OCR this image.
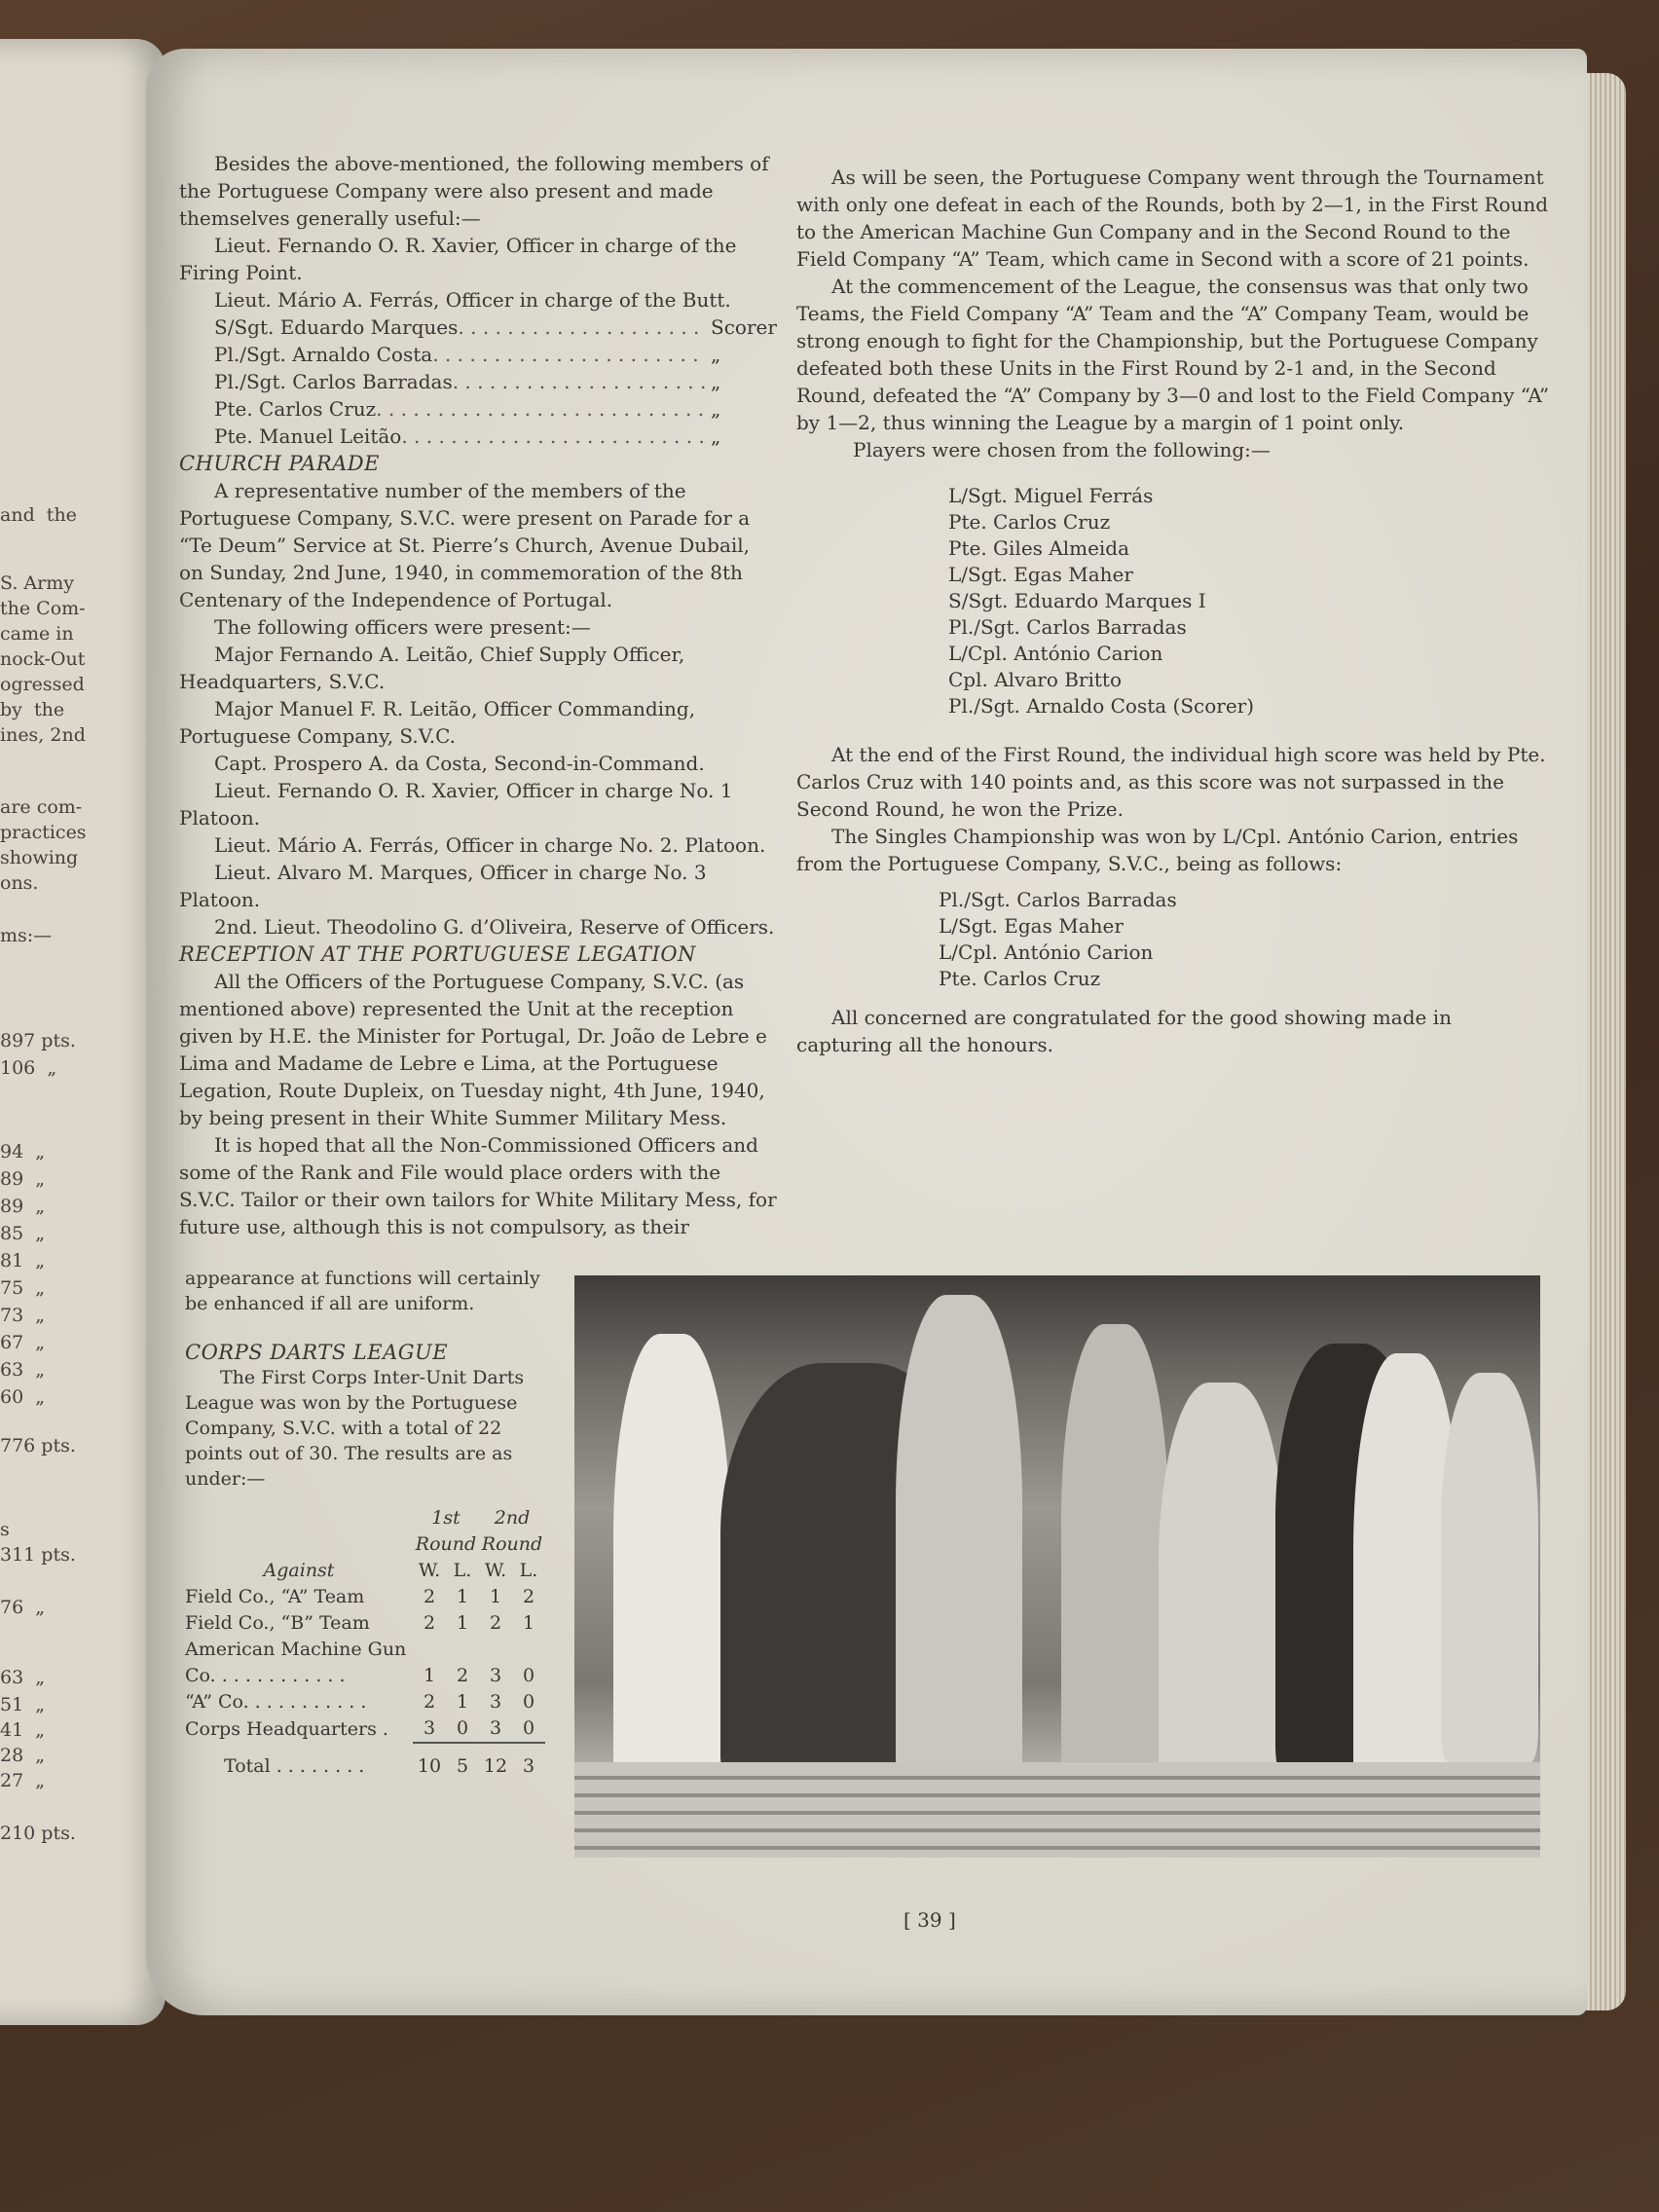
and  the
S. Army
the Com-
came in
nock-Out
ogressed
by  the
ines, 2nd
are com-
practices
showing
ons.
ms:—
897 pts.
106  „
94  „
89  „
89  „
85  „
81  „
75  „
73  „
67  „
63  „
60  „
776 pts.
s
311 pts.
76  „
63  „
51  „
41  „
28  „
27  „
210 pts.

Besides the above-mentioned, the following members of the Portuguese Company were also present and made themselves generally useful:—

Lieut. Fernando O. R. Xavier, Officer in charge of the Firing Point.

Lieut. Mário A. Ferrás, Officer in charge of the Butt.

S/Sgt. Eduardo Marques . . .	Scorer
Pl./Sgt. Arnaldo Costa . . .	„
Pl./Sgt. Carlos Barradas . . .	„
Pte. Carlos Cruz . . .	„
Pte. Manuel Leitão . . .	„

CHURCH PARADE

A representative number of the members of the Portuguese Company, S.V.C. were present on Parade for a “Te Deum” Service at St. Pierre’s Church, Avenue Dubail, on Sunday, 2nd June, 1940, in commemoration of the 8th Centenary of the Independence of Portugal.

The following officers were present:—

Major Fernando A. Leitão, Chief Supply Officer, Headquarters, S.V.C.

Major Manuel F. R. Leitão, Officer Commanding, Portuguese Company, S.V.C.

Capt. Prospero A. da Costa, Second-in-Command.

Lieut. Fernando O. R. Xavier, Officer in charge No. 1 Platoon.

Lieut. Mário A. Ferrás, Officer in charge No. 2. Platoon.

Lieut. Alvaro M. Marques, Officer in charge No. 3 Platoon.

2nd. Lieut. Theodolino G. d’Oliveira, Reserve of Officers.

RECEPTION AT THE PORTUGUESE LEGATION

All the Officers of the Portuguese Company, S.V.C. (as mentioned above) represented the Unit at the reception given by H.E. the Minister for Portugal, Dr. João de Lebre e Lima and Madame de Lebre e Lima, at the Portuguese Legation, Route Dupleix, on Tuesday night, 4th June, 1940, by being present in their White Summer Military Mess.

It is hoped that all the Non-Commissioned Officers and some of the Rank and File would place orders with the S.V.C. Tailor or their own tailors for White Military Mess, for future use, although this is not compulsory, as their

appearance at functions will certainly be enhanced if all are uniform.

CORPS DARTS LEAGUE

The First Corps Inter-Unit Darts League was won by the Portuguese Company, S.V.C. with a total of 22 points out of 30. The results are as under:—

	1st		2nd	
	Round		Round	
Against	W.	L.	W.	L.
Field Co., “A” Team	2	1	1	2
Field Co., “B” Team	2	1	2	1
American Machine Gun				
Co. . . . . . . . . . . .	1	2	3	0
“A” Co. . . . . . . . . . .	2	1	3	0
Corps Headquarters .	3	0	3	0
Total . . . . . . . .	10	5	12	3

As will be seen, the Portuguese Company went through the Tournament with only one defeat in each of the Rounds, both by 2—1, in the First Round to the American Machine Gun Company and in the Second Round to the Field Company “A” Team, which came in Second with a score of 21 points.

At the commencement of the League, the consensus was that only two Teams, the Field Company “A” Team and the “A” Company Team, would be strong enough to fight for the Championship, but the Portuguese Company defeated both these Units in the First Round by 2-1 and, in the Second Round, defeated the “A” Company by 3—0 and lost to the Field Company “A” by 1—2, thus winning the League by a margin of 1 point only.

Players were chosen from the following:—

L/Sgt. Miguel Ferrás
Pte. Carlos Cruz
Pte. Giles Almeida
L/Sgt. Egas Maher
S/Sgt. Eduardo Marques I
Pl./Sgt. Carlos Barradas
L/Cpl. António Carion
Cpl. Alvaro Britto
Pl./Sgt. Arnaldo Costa (Scorer)

At the end of the First Round, the individual high score was held by Pte. Carlos Cruz with 140 points and, as this score was not surpassed in the Second Round, he won the Prize.

The Singles Championship was won by L/Cpl. António Carion, entries from the Portuguese Company, S.V.C., being as follows:

Pl./Sgt. Carlos Barradas
L/Sgt. Egas Maher
L/Cpl. António Carion
Pte. Carlos Cruz

All concerned are congratulated for the good showing made in capturing all the honours.

[ 39 ]
